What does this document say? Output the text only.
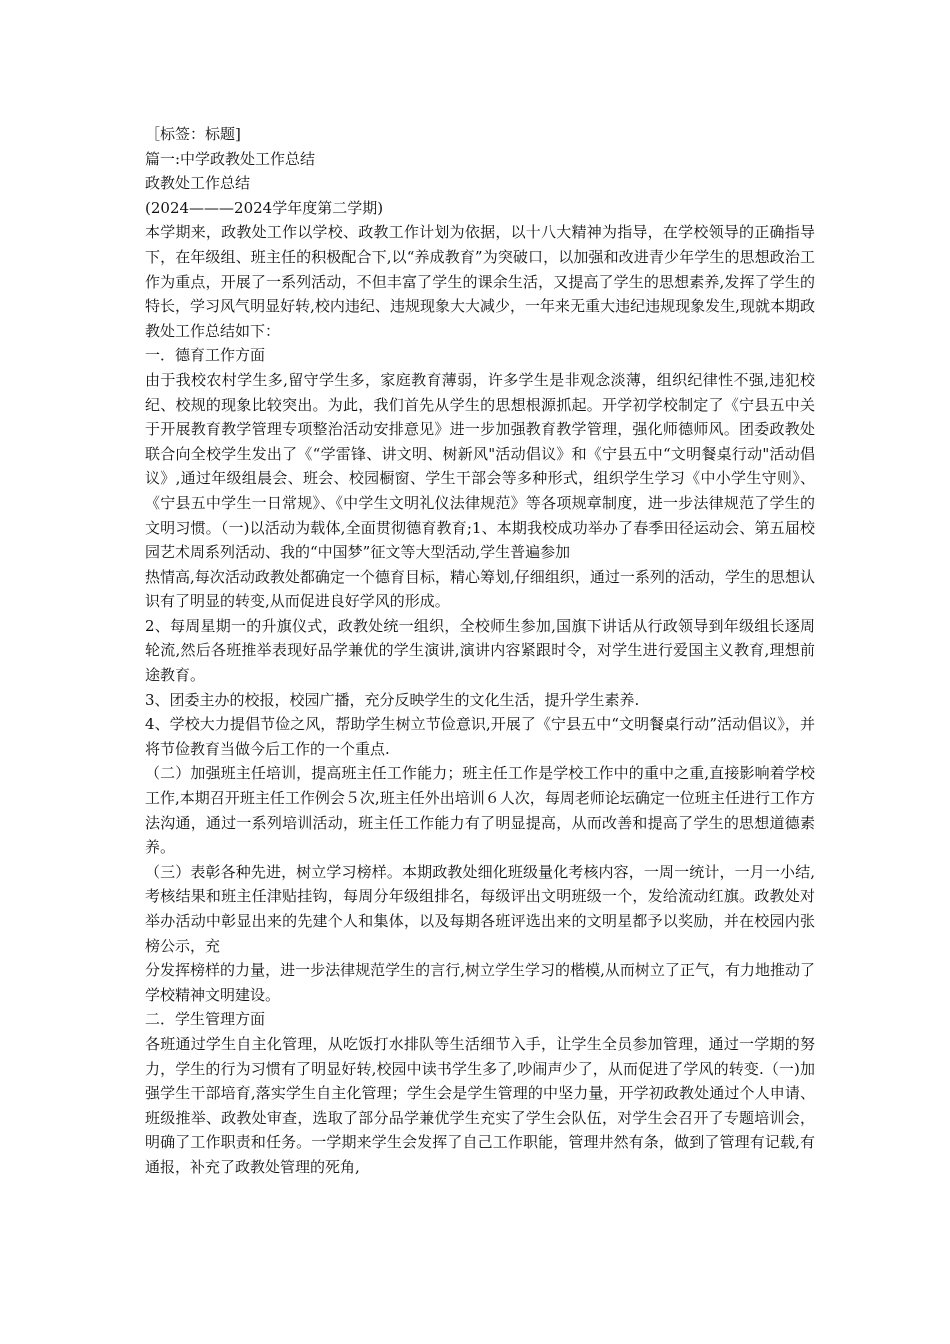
［标签：标题]

篇一:中学政教处工作总结

政教处工作总结

(2024———2024学年度第二学期)

本学期来，政教处工作以学校、政教工作计划为依据，以十八大精神为指导，在学校领导的正确指导下，在年级组、班主任的积极配合下,以“养成教育”为突破口，以加强和改进青少年学生的思想政治工作为重点，开展了一系列活动，不但丰富了学生的课余生活，又提高了学生的思想素养,发挥了学生的特长，学习风气明显好转,校内违纪、违规现象大大减少，一年来无重大违纪违规现象发生,现就本期政教处工作总结如下：

一．德育工作方面

由于我校农村学生多,留守学生多，家庭教育薄弱，许多学生是非观念淡薄，组织纪律性不强,违犯校纪、校规的现象比较突出。为此，我们首先从学生的思想根源抓起。开学初学校制定了《宁县五中关于开展教育教学管理专项整治活动安排意见》进一步加强教育教学管理，强化师德师风。团委政教处联合向全校学生发出了《“学雷锋、讲文明、树新风"活动倡议》和《宁县五中“文明餐桌行动"活动倡议》,通过年级组晨会、班会、校园橱窗、学生干部会等多种形式，组织学生学习《中小学生守则》、《宁县五中学生一日常规》、《中学生文明礼仪法律规范》等各项规章制度，进一步法律规范了学生的文明习惯。（一)以活动为载体,全面贯彻德育教育;1、本期我校成功举办了春季田径运动会、第五届校园艺术周系列活动、我的“中国梦”征文等大型活动,学生普遍参加

热情高,每次活动政教处都确定一个德育目标，精心筹划,仔细组织，通过一系列的活动，学生的思想认识有了明显的转变,从而促进良好学风的形成。

2、每周星期一的升旗仪式，政教处统一组织，全校师生参加,国旗下讲话从行政领导到年级组长逐周轮流,然后各班推举表现好品学兼优的学生演讲,演讲内容紧跟时令，对学生进行爱国主义教育,理想前途教育。

3、团委主办的校报，校园广播，充分反映学生的文化生活，提升学生素养.

4、学校大力提倡节俭之风，帮助学生树立节俭意识,开展了《宁县五中“文明餐桌行动”活动倡议》，并将节俭教育当做今后工作的一个重点.

（二）加强班主任培训，提高班主任工作能力；班主任工作是学校工作中的重中之重,直接影响着学校工作,本期召开班主任工作例会５次,班主任外出培训６人次，每周老师论坛确定一位班主任进行工作方法沟通，通过一系列培训活动，班主任工作能力有了明显提高，从而改善和提高了学生的思想道德素养。

（三）表彰各种先进，树立学习榜样。本期政教处细化班级量化考核内容，一周一统计，一月一小结,考核结果和班主任津贴挂钩，每周分年级组排名，每级评出文明班级一个，发给流动红旗。政教处对举办活动中彰显出来的先建个人和集体，以及每期各班评选出来的文明星都予以奖励，并在校园内张榜公示，充

分发挥榜样的力量，进一步法律规范学生的言行,树立学生学习的楷模,从而树立了正气，有力地推动了学校精神文明建设。

二．学生管理方面

各班通过学生自主化管理，从吃饭打水排队等生活细节入手，让学生全员参加管理，通过一学期的努力，学生的行为习惯有了明显好转,校园中读书学生多了,吵闹声少了，从而促进了学风的转变.（一)加强学生干部培育,落实学生自主化管理；学生会是学生管理的中坚力量，开学初政教处通过个人申请、班级推举、政教处审查，选取了部分品学兼优学生充实了学生会队伍，对学生会召开了专题培训会，明确了工作职责和任务。一学期来学生会发挥了自己工作职能，管理井然有条，做到了管理有记载,有通报，补充了政教处管理的死角,
